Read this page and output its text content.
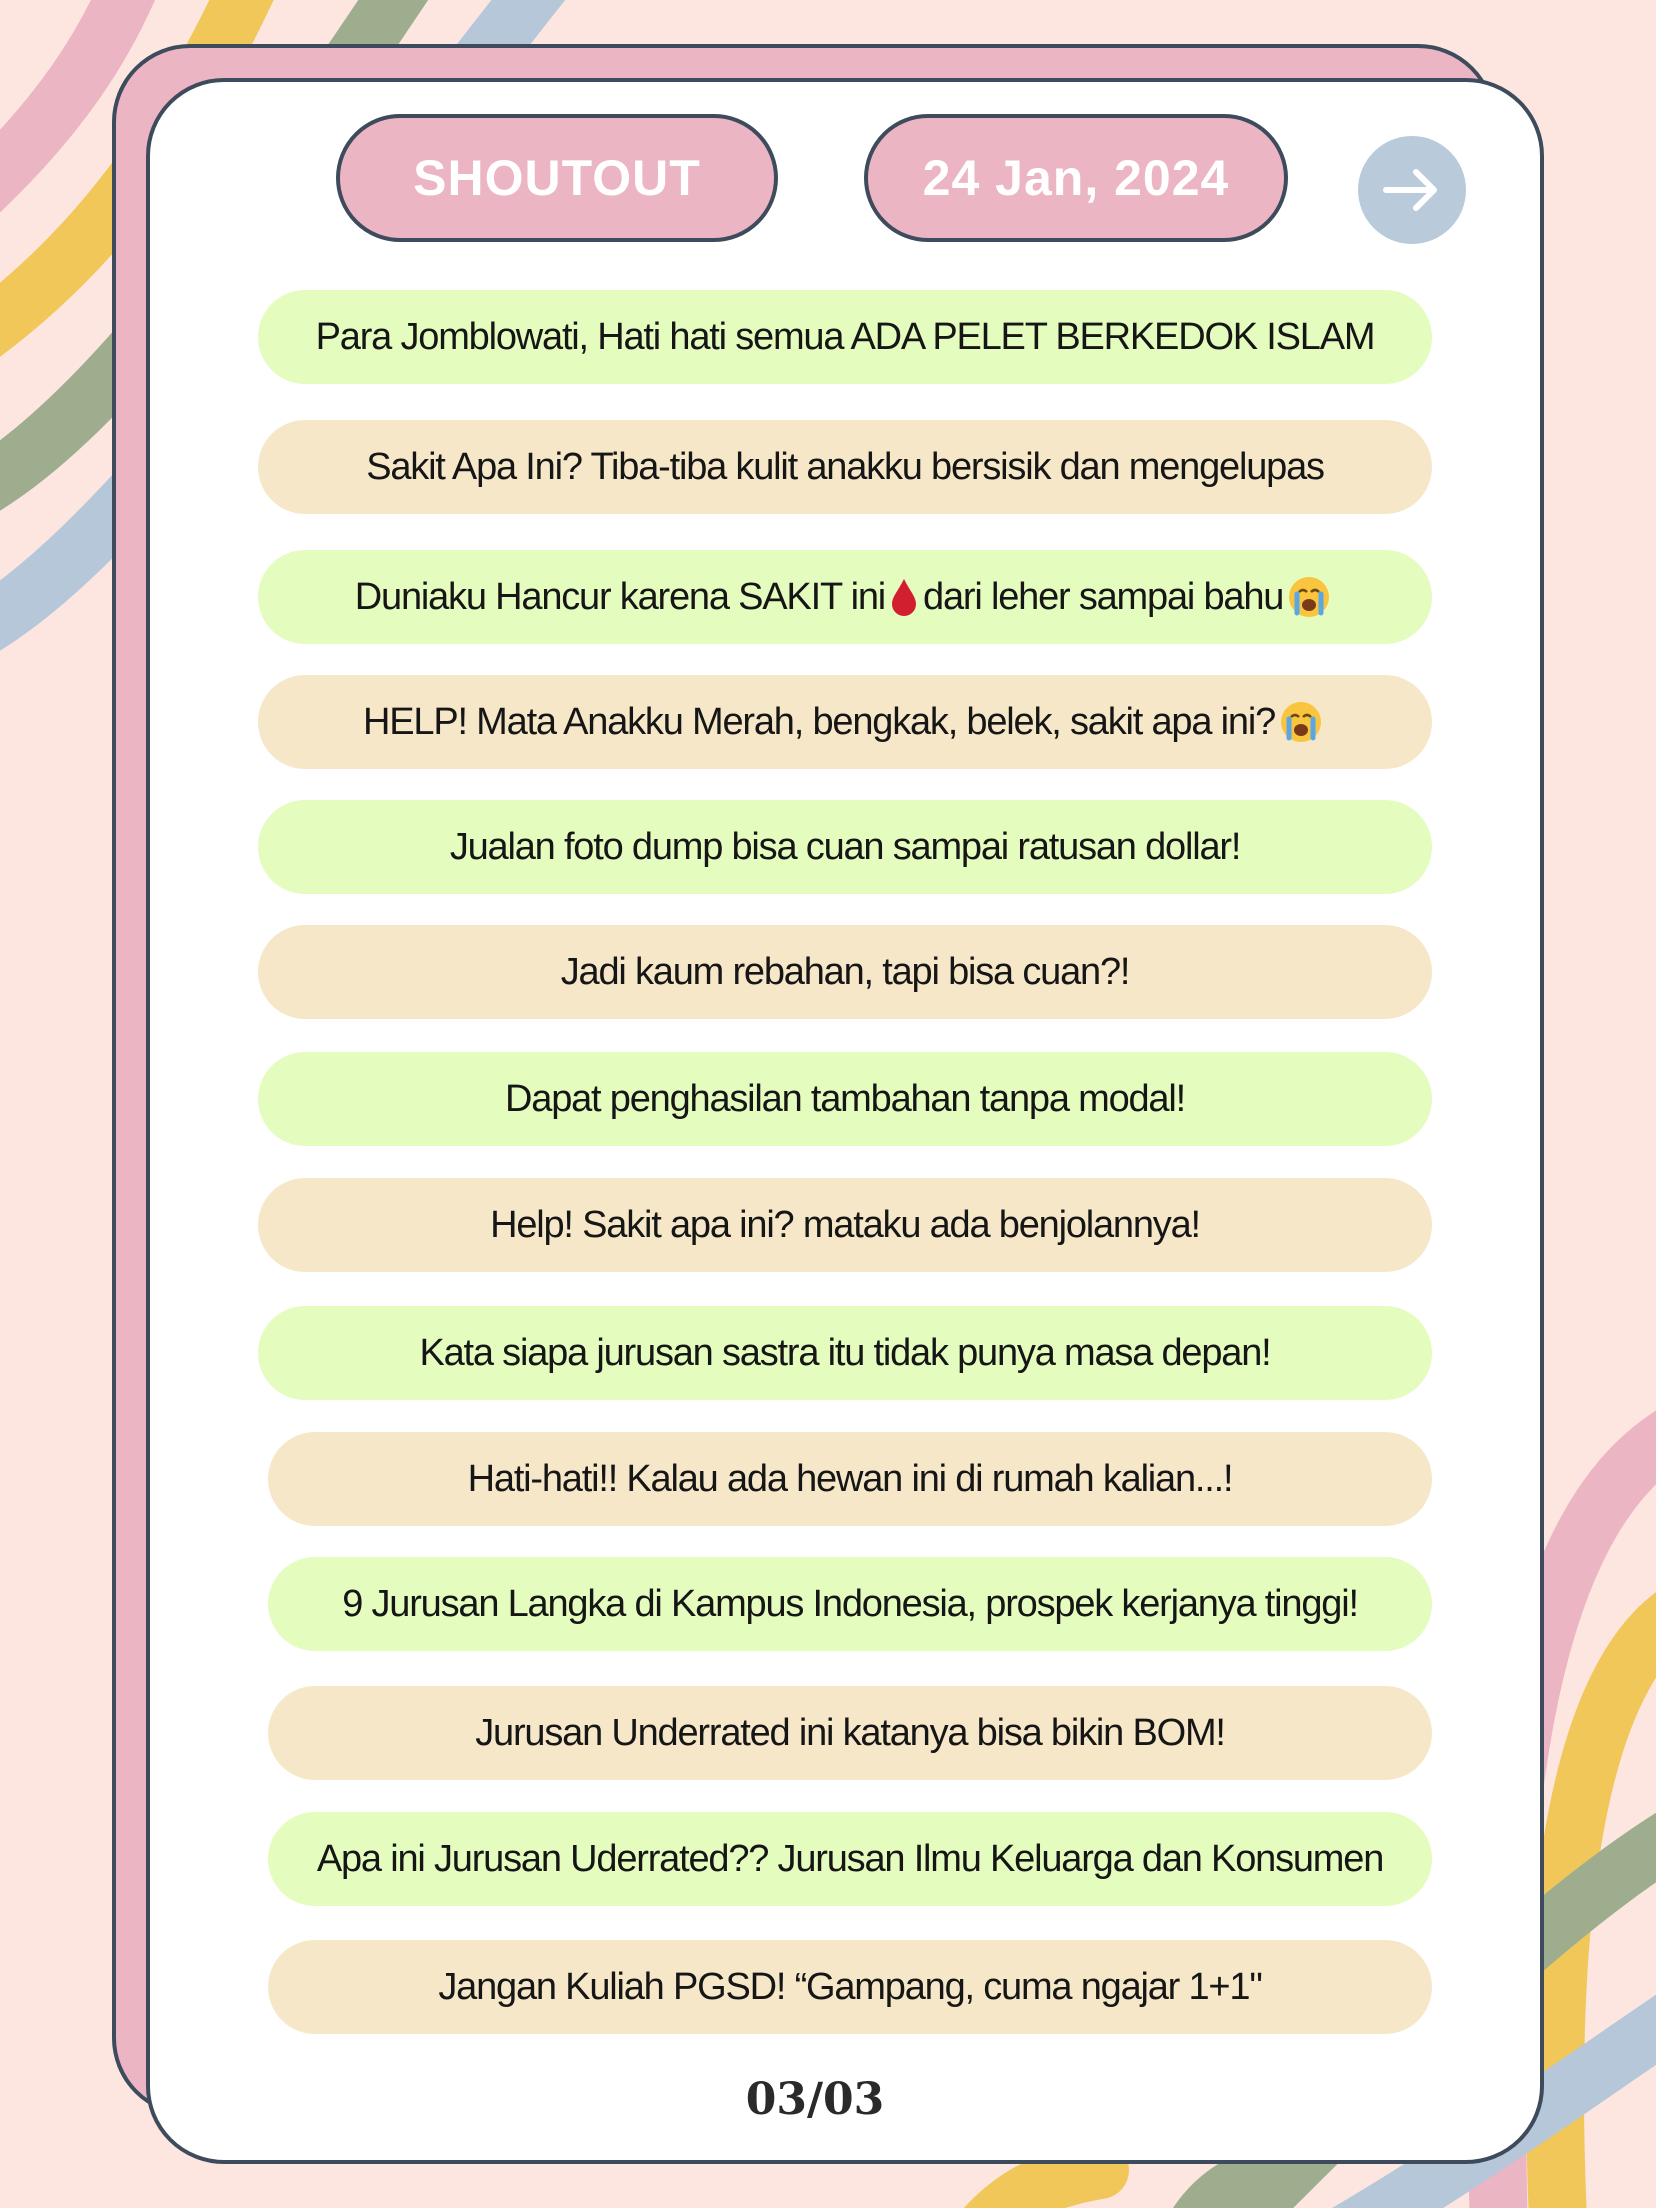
SHOUTOUT	24 Jan, 2024
Para Jomblowati, Hati hati semua ADA PELET BERKEDOK ISLAM
Sakit Apa Ini? Tiba-tiba kulit anakku bersisik dan mengelupas
Duniaku Hancur karena SAKIT ini dari leher sampai bahu
HELP! Mata Anakku Merah, bengkak, belek, sakit apa ini?
Jualan foto dump bisa cuan sampai ratusan dollar!
Jadi kaum rebahan, tapi bisa cuan?!
Dapat penghasilan tambahan tanpa modal!
Help! Sakit apa ini? mataku ada benjolannya!
Kata siapa jurusan sastra itu tidak punya masa depan!
Hati-hati!! Kalau ada hewan ini di rumah kalian...!
9 Jurusan Langka di Kampus Indonesia, prospek kerjanya tinggi!
Jurusan Underrated ini katanya bisa bikin BOM!
Apa ini Jurusan Uderrated?? Jurusan Ilmu Keluarga dan Konsumen
Jangan Kuliah PGSD! “Gampang, cuma ngajar 1+1"
03/03
